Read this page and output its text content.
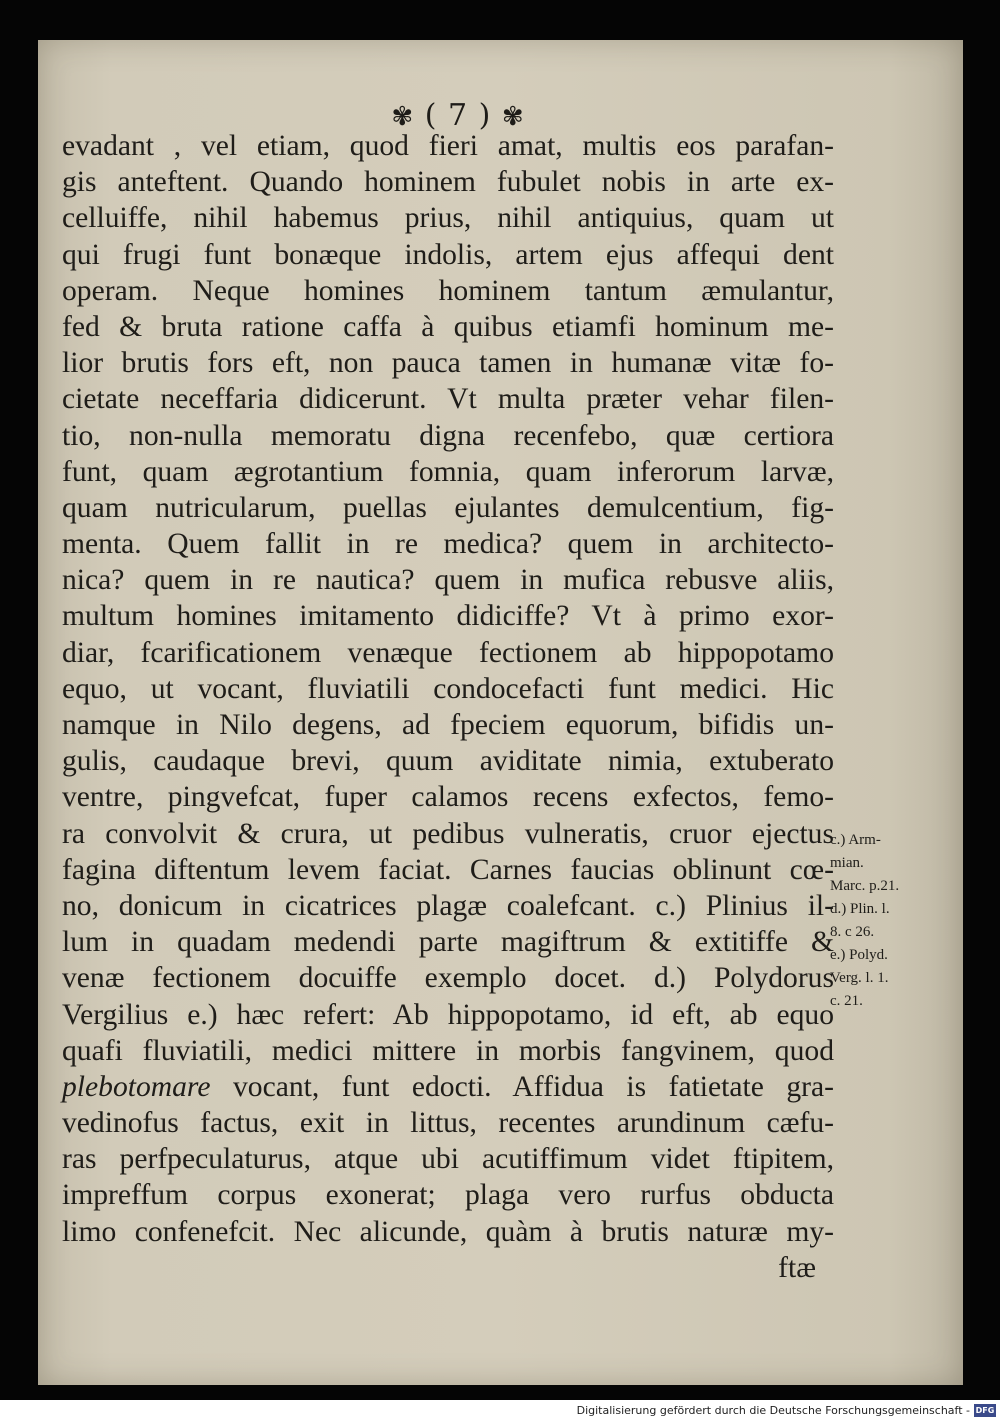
✾ ( 7 ) ✾
evadant , vel etiam, quod fieri amat, multis eos parafan-
gis anteftent. Quando hominem fubulet nobis in arte ex-
celluiffe, nihil habemus prius, nihil antiquius, quam ut
qui frugi funt bonæque indolis, artem ejus affequi dent
operam. Neque homines hominem tantum æmulantur,
fed & bruta ratione caffa à quibus etiamfi hominum me-
lior brutis fors eft, non pauca tamen in humanæ vitæ fo-
cietate neceffaria didicerunt. Vt multa præter vehar filen-
tio, non-nulla memoratu digna recenfebo, quæ certiora
funt, quam ægrotantium fomnia, quam inferorum larvæ,
quam nutricularum, puellas ejulantes demulcentium, fig-
menta. Quem fallit in re medica? quem in architecto-
nica? quem in re nautica? quem in mufica rebusve aliis,
multum homines imitamento didiciffe? Vt à primo exor-
diar, fcarificationem venæque fectionem ab hippopotamo
equo, ut vocant, fluviatili condocefacti funt medici. Hic
namque in Nilo degens, ad fpeciem equorum, bifidis un-
gulis, caudaque brevi, quum aviditate nimia, extuberato
ventre, pingvefcat, fuper calamos recens exfectos, femo-
ra convolvit & crura, ut pedibus vulneratis, cruor ejectus
fagina diftentum levem faciat. Carnes faucias oblinunt cœ-
no, donicum in cicatrices plagæ coalefcant. c.) Plinius il-
lum in quadam medendi parte magiftrum & extitiffe &
venæ fectionem docuiffe exemplo docet. d.) Polydorus
Vergilius e.) hæc refert: Ab hippopotamo, id eft, ab equo
quafi fluviatili, medici mittere in morbis fangvinem, quod
plebotomare vocant, funt edocti. Affidua is fatietate gra-
vedinofus factus, exit in littus, recentes arundinum cæfu-
ras perfpeculaturus, atque ubi acutiffimum videt ftipitem,
impreffum corpus exonerat; plaga vero rurfus obducta
limo confenefcit. Nec alicunde, quàm à brutis naturæ my-
ftæ
c.) Arm-
mian.
Marc. p.21.
d.) Plin. l.
8. c 26.
e.) Polyd.
Verg. l. 1.
c. 21.
Digitalisierung gefördert durch die Deutsche Forschungsgemeinschaft - DFG
